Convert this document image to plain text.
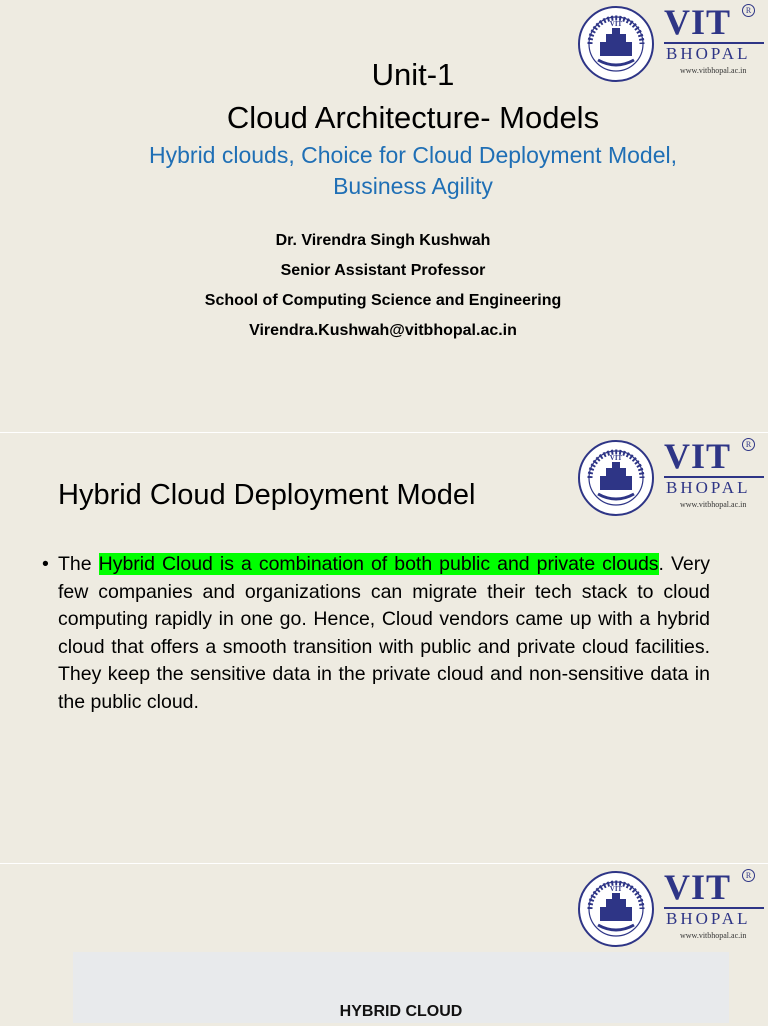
VIT VIT	R
BHOPAL
www.vitbhopal.ac.in
Unit-1
Cloud Architecture- Models
Hybrid clouds, Choice for Cloud Deployment Model,
Business Agility
Dr. Virendra Singh Kushwah
Senior Assistant Professor
School of Computing Science and Engineering
Virendra.Kushwah@vitbhopal.ac.in
VIT VIT	R
BHOPAL
www.vitbhopal.ac.in
Hybrid Cloud Deployment Model
• The Hybrid Cloud is a combination of both public and private clouds. Very few companies and organizations can migrate their tech stack to cloud computing rapidly in one go. Hence, Cloud vendors came up with a hybrid cloud that offers a smooth transition with public and private cloud facilities. They keep the sensitive data in the private cloud and non-sensitive data in the public cloud.
VIT VIT	R
BHOPAL
www.vitbhopal.ac.in
HYBRID CLOUD
